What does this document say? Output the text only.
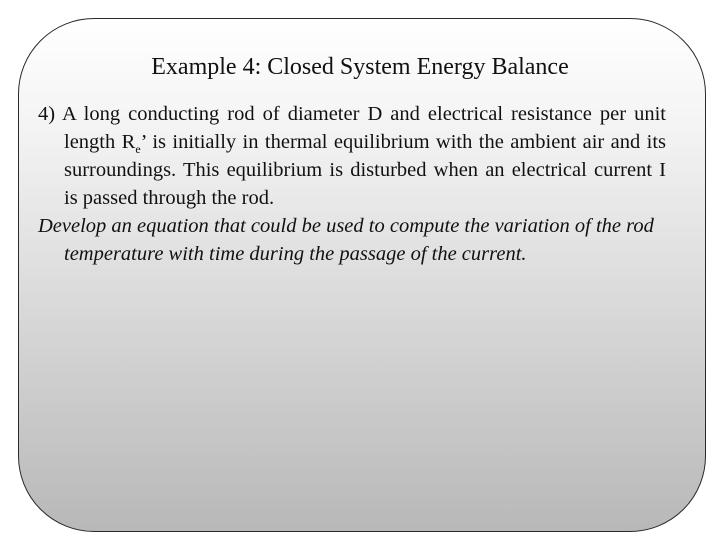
Example 4: Closed System Energy Balance

4) A long conducting rod of diameter D and electrical resistance per unit length $R_e$’ is initially in thermal equilibrium with the ambient air and its surroundings. This equilibrium is disturbed when an electrical current I is passed through the rod.

Develop an equation that could be used to compute the variation of the rod temperature with time during the passage of the current.
